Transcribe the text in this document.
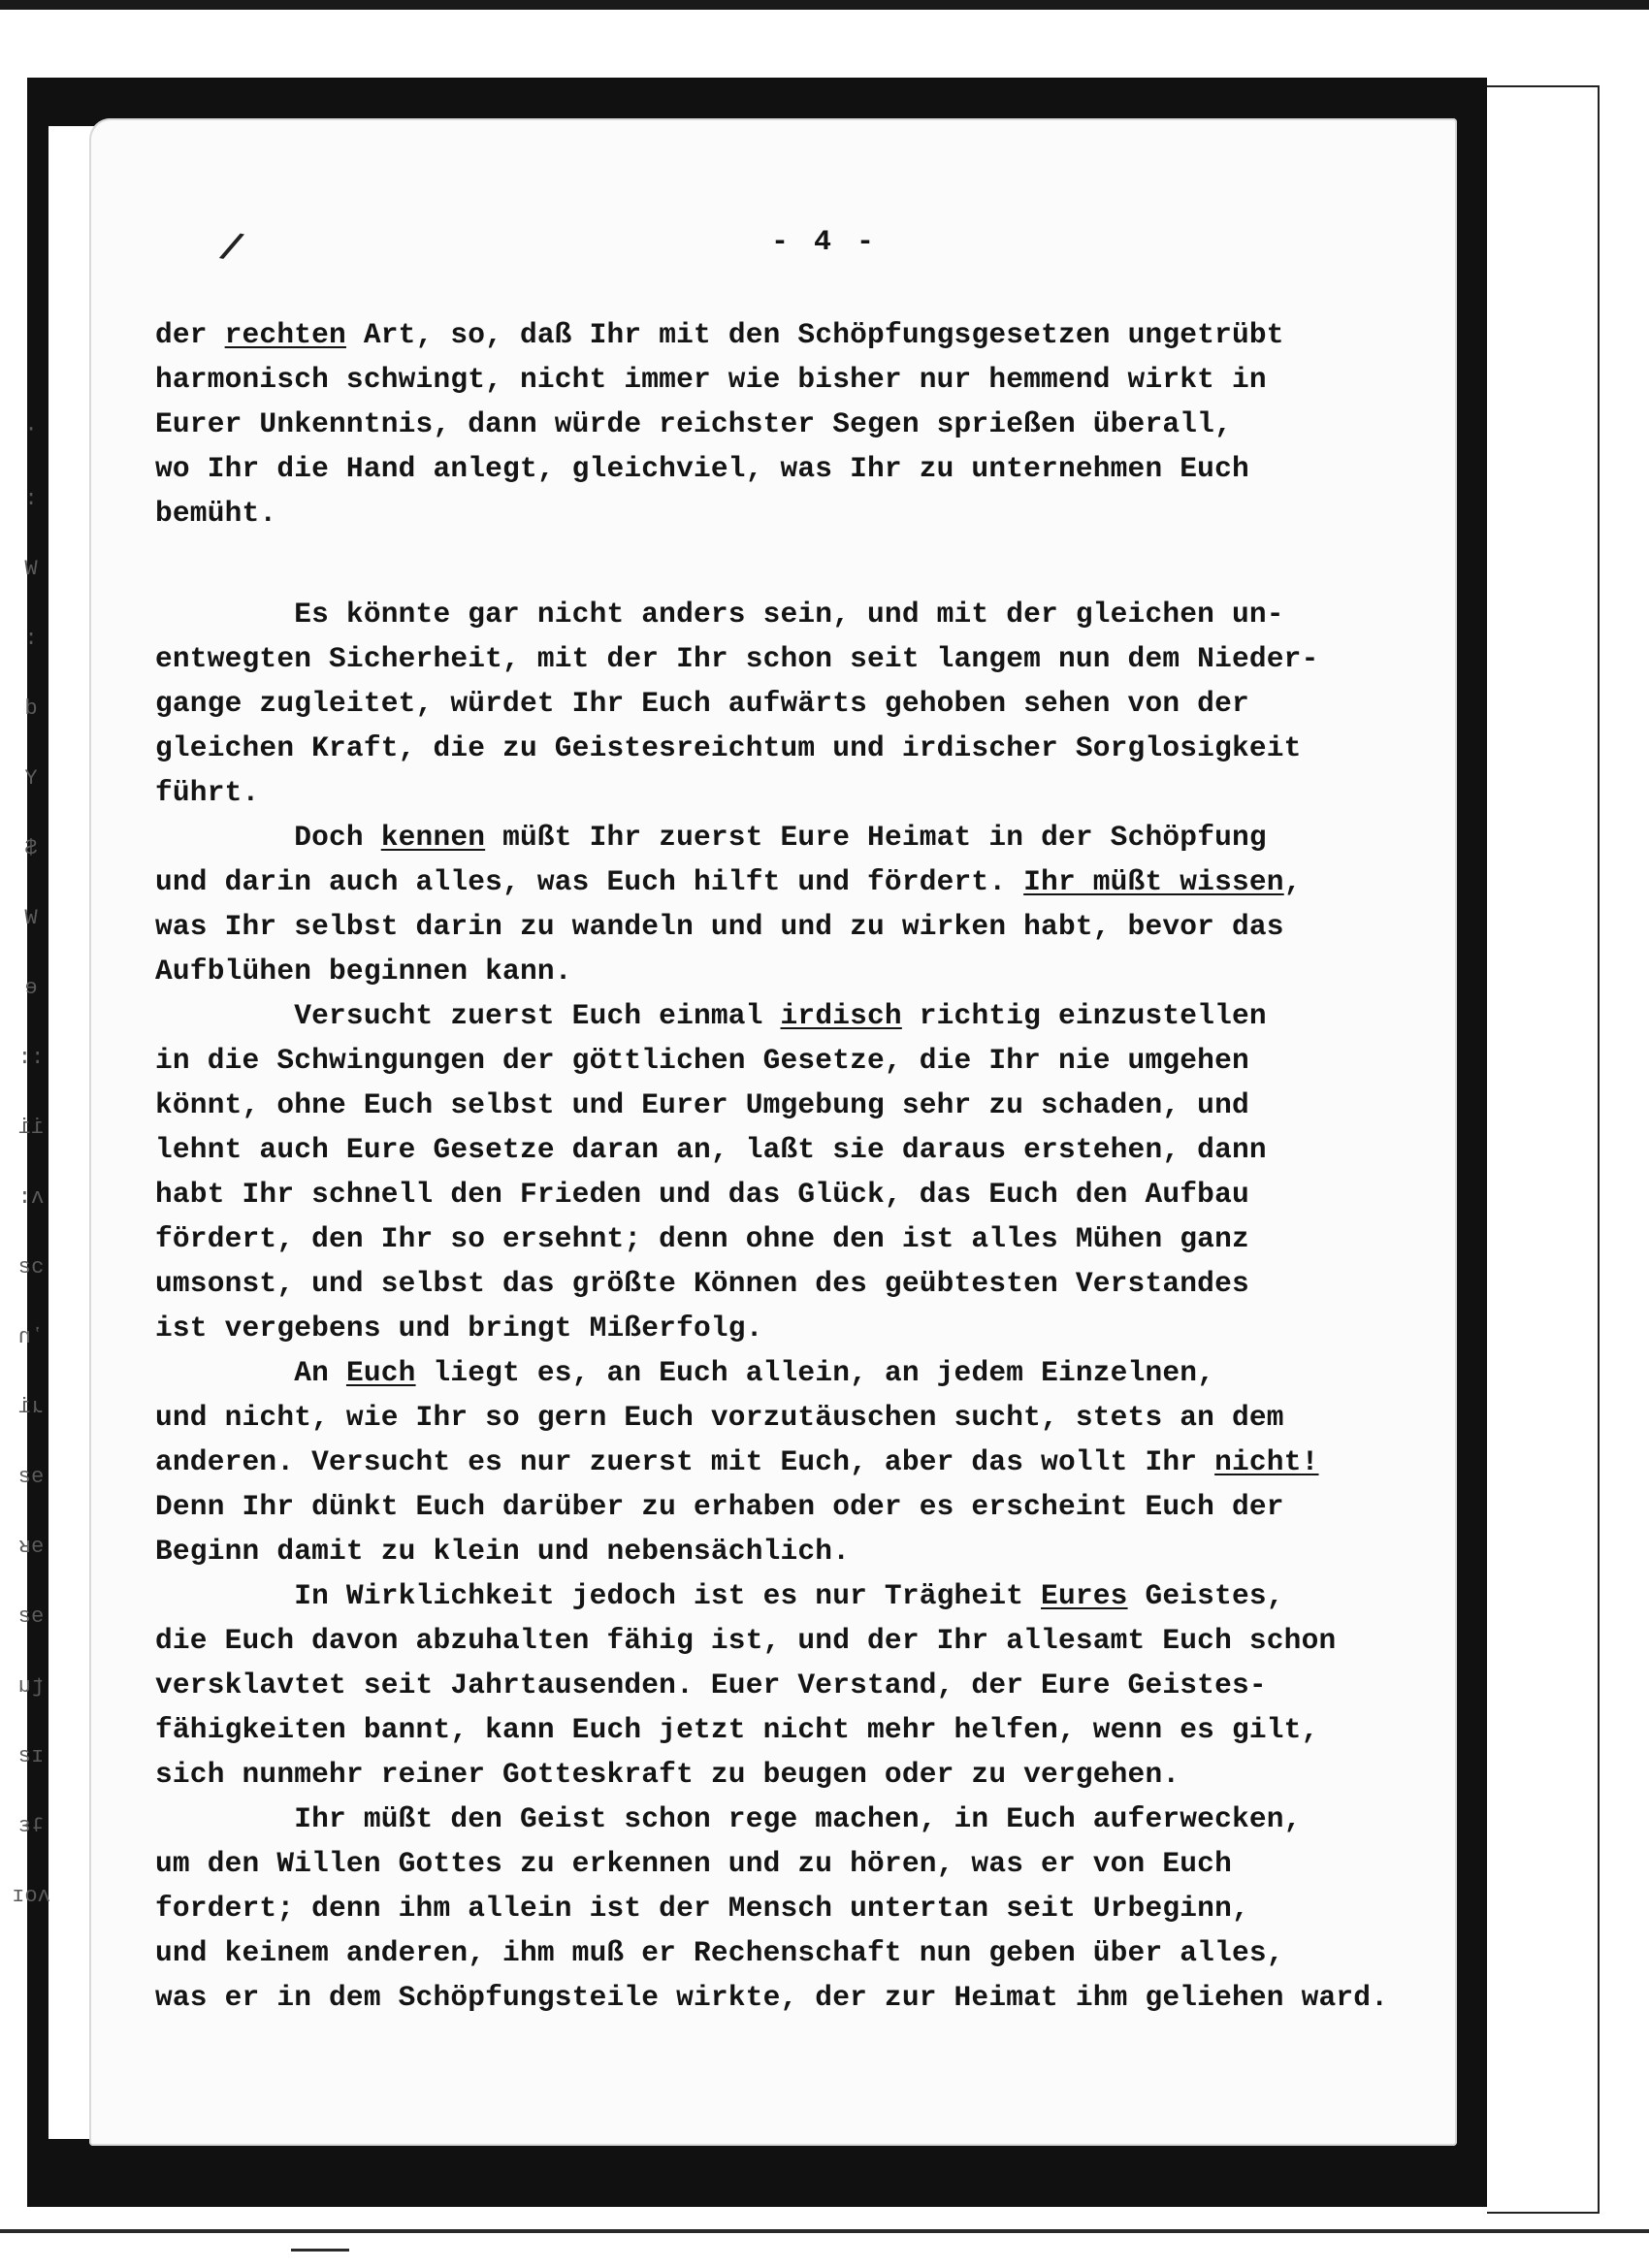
·
:
W
:
d
Y
$
W
e
::
ii
ʌ:
ɔƨ
ʼn
ɹi
ɘƨ
ɘʁ
ɘƨ
ʈu
ɪƨ
ʇɛ
ʌoɪ
/	- 4 -
der rechten Art, so, daß Ihr mit den Schöpfungsgesetzen ungetrübt
harmonisch schwingt, nicht immer wie bisher nur hemmend wirkt in
Eurer Unkenntnis, dann würde reichster Segen sprießen überall,
wo Ihr die Hand anlegt, gleichviel, was Ihr zu unternehmen Euch
bemüht.
Es könnte gar nicht anders sein, und mit der gleichen un-
entwegten Sicherheit, mit der Ihr schon seit langem nun dem Nieder-
gange zugleitet, würdet Ihr Euch aufwärts gehoben sehen von der
gleichen Kraft, die zu Geistesreichtum und irdischer Sorglosigkeit
führt.
Doch kennen müßt Ihr zuerst Eure Heimat in der Schöpfung
und darin auch alles, was Euch hilft und fördert. Ihr müßt wissen,
was Ihr selbst darin zu wandeln und und zu wirken habt, bevor das
Aufblühen beginnen kann.
Versucht zuerst Euch einmal irdisch richtig einzustellen
in die Schwingungen der göttlichen Gesetze, die Ihr nie umgehen
könnt, ohne Euch selbst und Eurer Umgebung sehr zu schaden, und
lehnt auch Eure Gesetze daran an, laßt sie daraus erstehen, dann
habt Ihr schnell den Frieden und das Glück, das Euch den Aufbau
fördert, den Ihr so ersehnt; denn ohne den ist alles Mühen ganz
umsonst, und selbst das größte Können des geübtesten Verstandes
ist vergebens und bringt Mißerfolg.
An Euch liegt es, an Euch allein, an jedem Einzelnen,
und nicht, wie Ihr so gern Euch vorzutäuschen sucht, stets an dem
anderen. Versucht es nur zuerst mit Euch, aber das wollt Ihr nicht!
Denn Ihr dünkt Euch darüber zu erhaben oder es erscheint Euch der
Beginn damit zu klein und nebensächlich.
In Wirklichkeit jedoch ist es nur Trägheit Eures Geistes,
die Euch davon abzuhalten fähig ist, und der Ihr allesamt Euch schon
versklavtet seit Jahrtausenden. Euer Verstand, der Eure Geistes-
fähigkeiten bannt, kann Euch jetzt nicht mehr helfen, wenn es gilt,
sich nunmehr reiner Gotteskraft zu beugen oder zu vergehen.
Ihr müßt den Geist schon rege machen, in Euch auferwecken,
um den Willen Gottes zu erkennen und zu hören, was er von Euch
fordert; denn ihm allein ist der Mensch untertan seit Urbeginn,
und keinem anderen, ihm muß er Rechenschaft nun geben über alles,
was er in dem Schöpfungsteile wirkte, der zur Heimat ihm geliehen ward.
